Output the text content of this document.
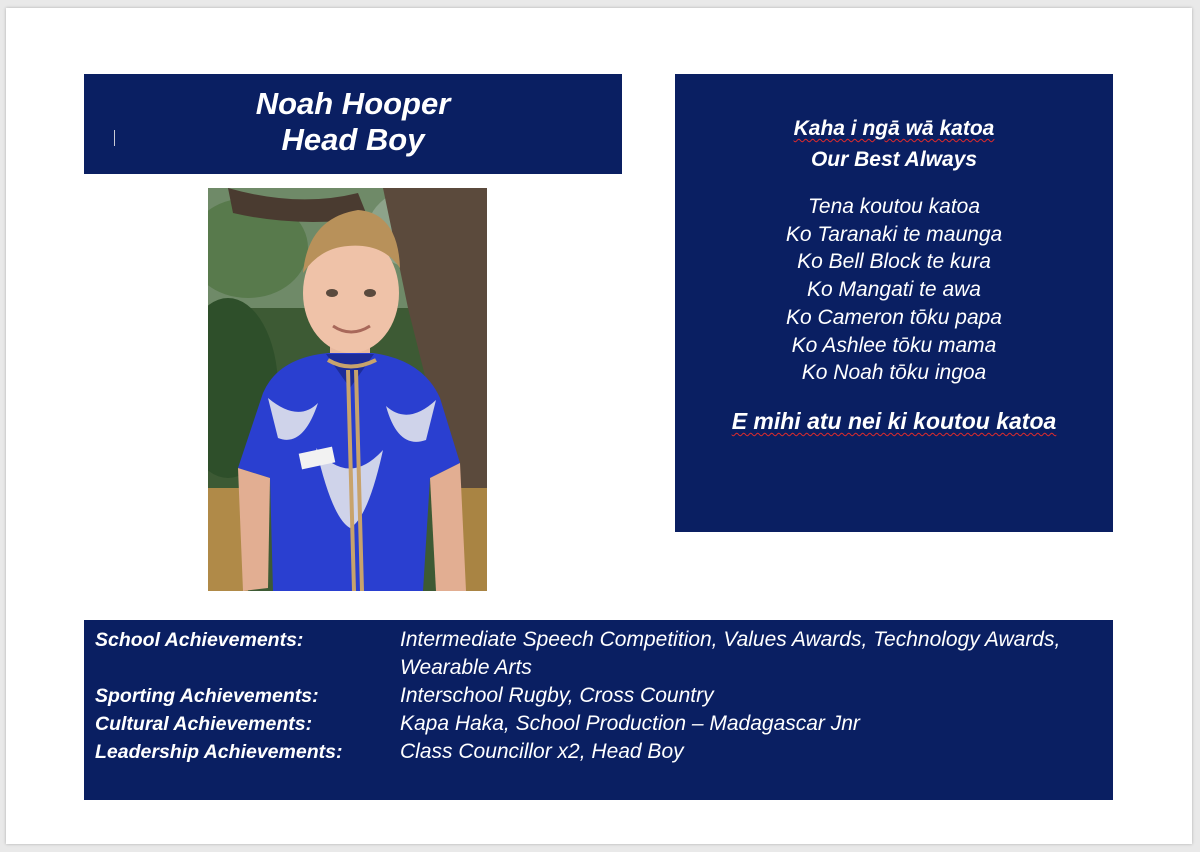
Noah Hooper
Head Boy	Kaha i ngā wā katoa
Our Best Always
Tena koutou katoa
Ko Taranaki te maunga
Ko Bell Block te kura
Ko Mangati te awa
Ko Cameron tōku papa
Ko Ashlee tōku mama
Ko Noah tōku ingoa
E mihi atu nei ki koutou katoa
School Achievements:	Intermediate Speech Competition, Values Awards, Technology Awards, Wearable Arts
Sporting Achievements:	Interschool Rugby, Cross Country
Cultural Achievements:	Kapa Haka, School Production – Madagascar Jnr
Leadership Achievements:	Class Councillor x2, Head Boy
